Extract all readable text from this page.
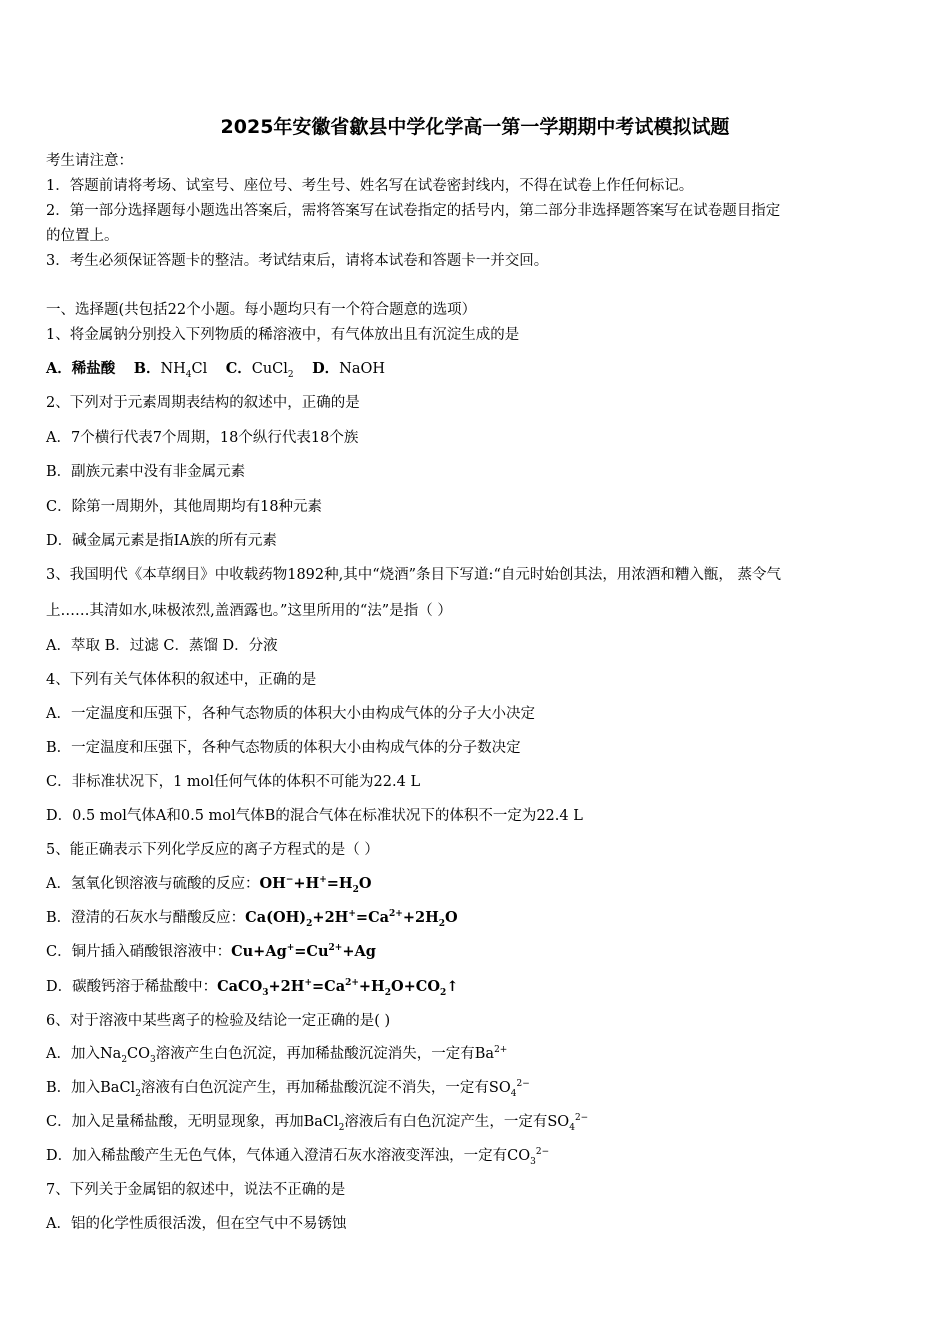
2025年安徽省歙县中学化学高一第一学期期中考试模拟试题
考生请注意：
1．答题前请将考场、试室号、座位号、考生号、姓名写在试卷密封线内，不得在试卷上作任何标记。
2．第一部分选择题每小题选出答案后，需将答案写在试卷指定的括号内，第二部分非选择题答案写在试卷题目指定
的位置上。
3．考生必须保证答题卡的整洁。考试结束后，请将本试卷和答题卡一并交回。
一、选择题(共包括22个小题。每小题均只有一个符合题意的选项）
1、将金属钠分别投入下列物质的稀溶液中，有气体放出且有沉淀生成的是
A．稀盐酸 B．$NH_4Cl$ C．CuCl$_2$ D．NaOH
2、下列对于元素周期表结构的叙述中，正确的是
A．7个横行代表7个周期，18个纵行代表18个族
B．副族元素中没有非金属元素
C．除第一周期外，其他周期均有18种元素
D．碱金属元素是指ⅠA族的所有元素
3、我国明代《本草纲目》中收载药物1892种,其中“烧酒”条目下写道:“自元时始创其法，用浓酒和糟入甑， 蒸令气
上……其清如水,味极浓烈,盖酒露也。”这里所用的“法”是指（ ）
A．萃取 B．过滤 C．蒸馏 D．分液
4、下列有关气体体积的叙述中，正确的是
A．一定温度和压强下，各种气态物质的体积大小由构成气体的分子大小决定
B．一定温度和压强下，各种气态物质的体积大小由构成气体的分子数决定
C．非标准状况下，1 mol任何气体的体积不可能为22.4 L
D．0.5 mol气体A和0.5 mol气体B的混合气体在标准状况下的体积不一定为22.4 L
5、能正确表示下列化学反应的离子方程式的是（ ）
A．氢氧化钡溶液与硫酸的反应：$OH^-+H^+=H_2O$
B．澄清的石灰水与醋酸反应：$Ca(OH)_2+2H^+=Ca^{2+}+2H_2O$
C．铜片插入硝酸银溶液中：$Cu+Ag^+=Cu^{2+}+Ag$
D．碳酸钙溶于稀盐酸中：$CaCO_3+2H^+=Ca^{2+}+H_2O+CO_2↑$
6、对于溶液中某些离子的检验及结论一定正确的是( )
A．加入$Na_2CO_3$溶液产生白色沉淀，再加稀盐酸沉淀消失，一定有$Ba^{2+}$
B．加入BaCl$_2$溶液有白色沉淀产生，再加稀盐酸沉淀不消失，一定有$SO_4^{2-}$
C．加入足量稀盐酸，无明显现象，再加BaCl$_2$溶液后有白色沉淀产生，一定有$SO_4^{2-}$
D．加入稀盐酸产生无色气体，气体通入澄清石灰水溶液变浑浊，一定有$CO_3^{2-}$
7、下列关于金属铝的叙述中，说法不正确的是
A．铝的化学性质很活泼，但在空气中不易锈蚀
